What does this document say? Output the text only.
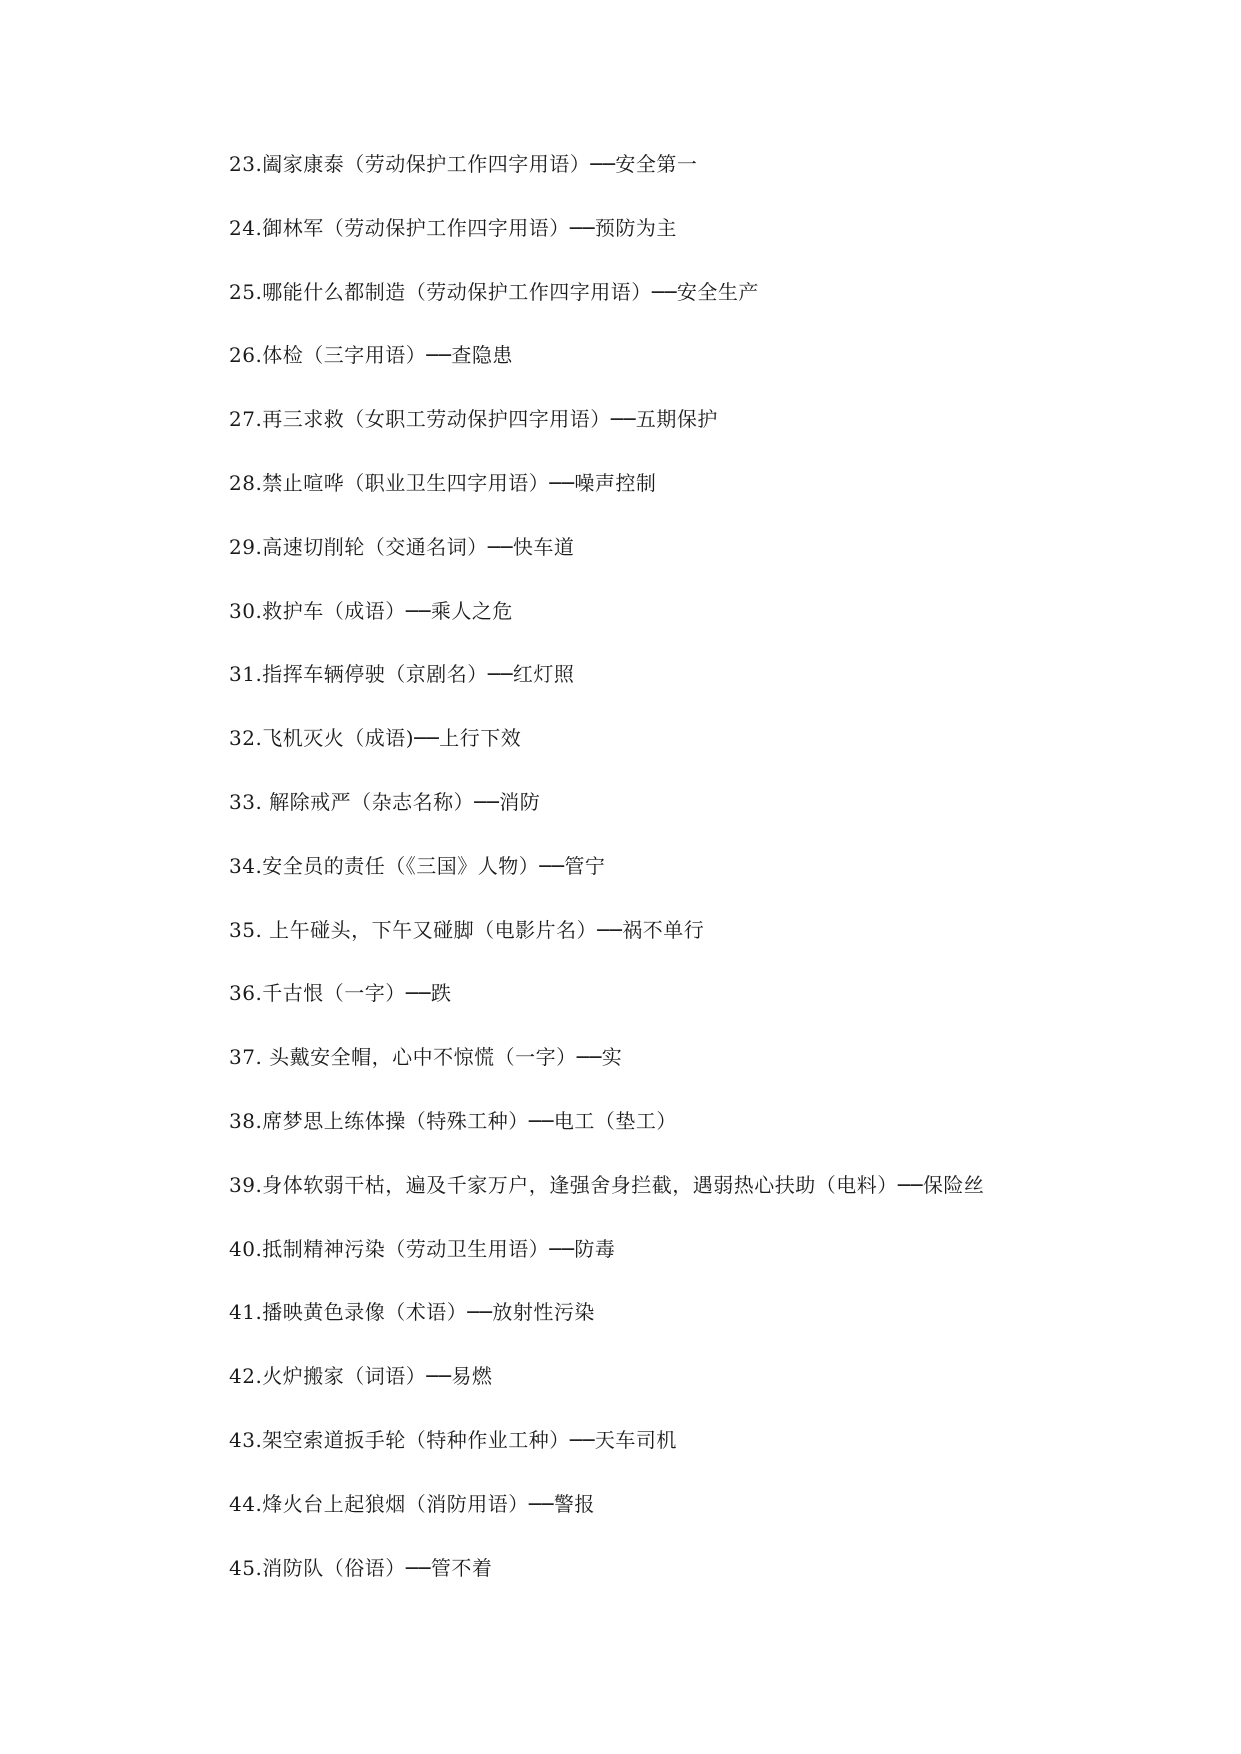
23.阖家康泰（劳动保护工作四字用语）──安全第一
24.御林军（劳动保护工作四字用语）──预防为主
25.哪能什么都制造（劳动保护工作四字用语）──安全生产
26.体检（三字用语）──查隐患
27.再三求救（女职工劳动保护四字用语）──五期保护
28.禁止喧哗（职业卫生四字用语）──噪声控制
29.高速切削轮（交通名词）──快车道
30.救护车（成语）──乘人之危
31.指挥车辆停驶（京剧名）──红灯照
32.飞机灭火（成语)──上行下效
33. 解除戒严（杂志名称）──消防
34.安全员的责任（《三国》人物）──管宁
35. 上午碰头，下午又碰脚（电影片名）──祸不单行
36.千古恨（一字）──跌
37. 头戴安全帽，心中不惊慌（一字）──实
38.席梦思上练体操（特殊工种）──电工（垫工）
39.身体软弱干枯，遍及千家万户，逢强舍身拦截，遇弱热心扶助（电料）──保险丝
40.抵制精神污染（劳动卫生用语）──防毒
41.播映黄色录像（术语）──放射性污染
42.火炉搬家（词语）──易燃
43.架空索道扳手轮（特种作业工种）──天车司机
44.烽火台上起狼烟（消防用语）──警报
45.消防队（俗语）──管不着
